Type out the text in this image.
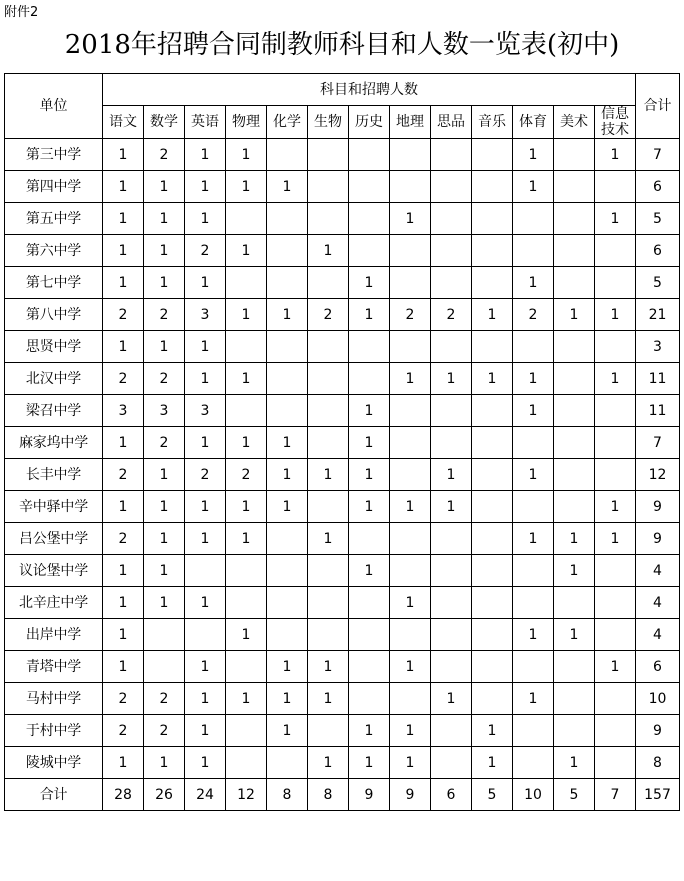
附件2
2018年招聘合同制教师科目和人数一览表(初中)
单位	科目和招聘人数													合计
	语文	数学	英语	物理	化学	生物	历史	地理	思品	音乐	体育	美术	信息
技术	

第三中学	1	2	1	1							1		1	7
第四中学	1	1	1	1	1						1			6
第五中学	1	1	1					1					1	5
第六中学	1	1	2	1		1								6
第七中学	1	1	1				1				1			5
第八中学	2	2	3	1	1	2	1	2	2	1	2	1	1	21
思贤中学	1	1	1											3
北汉中学	2	2	1	1				1	1	1	1		1	11
梁召中学	3	3	3				1				1			11
麻家坞中学	1	2	1	1	1		1							7
长丰中学	2	1	2	2	1	1	1		1		1			12
辛中驿中学	1	1	1	1	1		1	1	1				1	9
吕公堡中学	2	1	1	1		1					1	1	1	9
议论堡中学	1	1					1					1		4
北辛庄中学	1	1	1					1						4
出岸中学	1			1							1	1		4
青塔中学	1		1		1	1		1					1	6
马村中学	2	2	1	1	1	1			1		1			10
于村中学	2	2	1		1		1	1		1				9
陵城中学	1	1	1			1	1	1		1		1		8
合计	28	26	24	12	8	8	9	9	6	5	10	5	7	157
